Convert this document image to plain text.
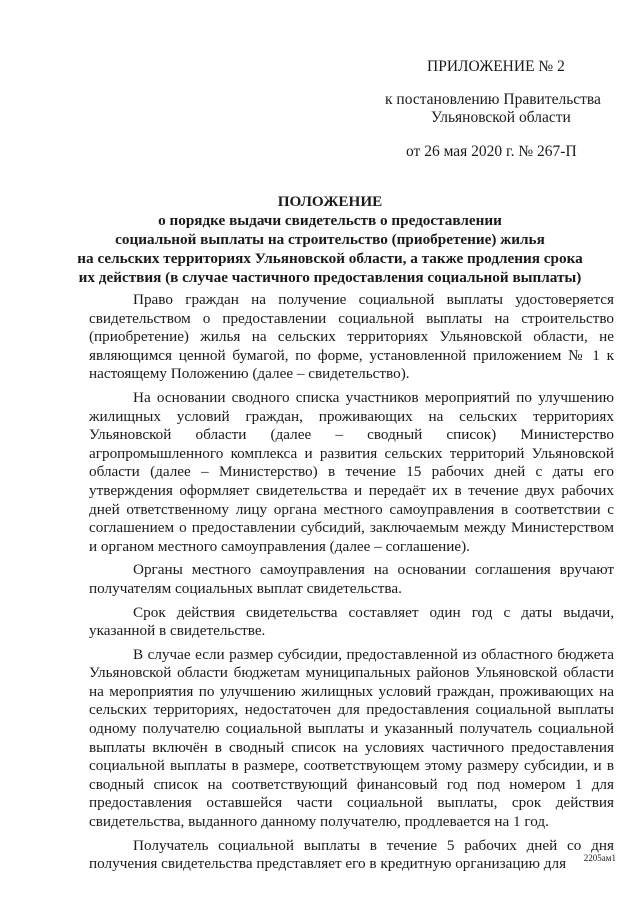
ПРИЛОЖЕНИЕ № 2
к постановлению Правительства
Ульяновской области
от 26 мая 2020 г. № 267-П
ПОЛОЖЕНИЕ
о порядке выдачи свидетельств о предоставлении
социальной выплаты на строительство (приобретение) жилья
на сельских территориях Ульяновской области, а также продления срока
их действия (в случае частичного предоставления социальной выплаты)

Право граждан на получение социальной выплаты удостоверяется свидетельством о предоставлении социальной выплаты на строительство (приобретение) жилья на сельских территориях Ульяновской области, не являющимся ценной бумагой, по форме, установленной приложением № 1 к настоящему Положению (далее – свидетельство).

На основании сводного списка участников мероприятий по улучшению жилищных условий граждан, проживающих на сельских территориях Ульяновской области (далее – сводный список) Министерство агропромышленного комплекса и развития сельских территорий Ульяновской области (далее – Министерство) в течение 15 рабочих дней с даты его утверждения оформляет свидетельства и передаёт их в течение двух рабочих дней ответственному лицу органа местного самоуправления в соответствии с соглашением о предоставлении субсидий, заключаемым между Министерством и органом местного самоуправления (далее – соглашение).

Органы местного самоуправления на основании соглашения вручают получателям социальных выплат свидетельства.

Срок действия свидетельства составляет один год с даты выдачи, указанной в свидетельстве.

В случае если размер субсидии, предоставленной из областного бюджета Ульяновской области бюджетам муниципальных районов Ульяновской области на мероприятия по улучшению жилищных условий граждан, проживающих на сельских территориях, недостаточен для предоставления социальной выплаты одному получателю социальной выплаты и указанный получатель социальной выплаты включён в сводный список на условиях частичного предоставления социальной выплаты в размере, соответствующем этому размеру субсидии, и в сводный список на соответствующий финансовый год под номером 1 для предоставления оставшейся части социальной выплаты, срок действия свидетельства, выданного данному получателю, продлевается на 1 год.

Получатель социальной выплаты в течение 5 рабочих дней со дня получения свидетельства представляет его в кредитную организацию для	2205ам1
